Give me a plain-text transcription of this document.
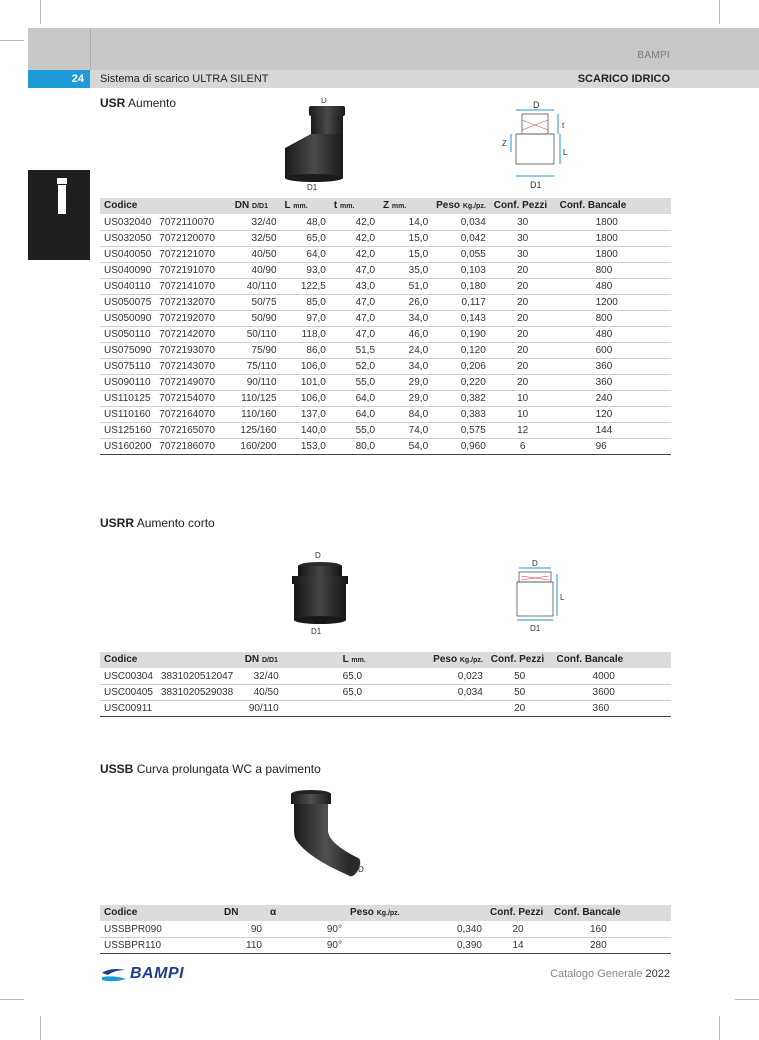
BAMPI
24	Sistema di scarico ULTRA SILENT	SCARICO IDRICO
ULTRA SILENT
USR Aumento	D
D1
D
t
L
Z
D1
Codice		DN D/D1	L mm.	t mm.	Z mm.	Peso Kg./pz.	Conf. Pezzi	Conf. Bancale
US032040	7072110070	32/40	48,0	42,0	14,0	0,034	30	1800
US032050	7072120070	32/50	65,0	42,0	15,0	0,042	30	1800
US040050	7072121070	40/50	64,0	42,0	15,0	0,055	30	1800
US040090	7072191070	40/90	93,0	47,0	35,0	0,103	20	800
US040110	7072141070	40/110	122,5	43,0	51,0	0,180	20	480
US050075	7072132070	50/75	85,0	47,0	26,0	0,117	20	1200
US050090	7072192070	50/90	97,0	47,0	34,0	0,143	20	800
US050110	7072142070	50/110	118,0	47,0	46,0	0,190	20	480
US075090	7072193070	75/90	86,0	51,5	24,0	0,120	20	600
US075110	7072143070	75/110	106,0	52,0	34,0	0,206	20	360
US090110	7072149070	90/110	101,0	55,0	29,0	0,220	20	360
US110125	7072154070	110/125	106,0	64,0	29,0	0,382	10	240
US110160	7072164070	110/160	137,0	64,0	84,0	0,383	10	120
US125160	7072165070	125/160	140,0	55,0	74,0	0,575	12	144
US160200	7072186070	160/200	153,0	80,0	54,0	0,960	6	96
USRR Aumento corto
D
D1
D
L
D1
Codice		DN D/D1	L mm.	Peso Kg./pz.	Conf. Pezzi	Conf. Bancale
USC00304	3831020512047	32/40	65,0	0,023	50	4000
USC00405	3831020529038	40/50	65,0	0,034	50	3600
USC00911		90/110			20	360
USSB Curva prolungata WC a pavimento
D
Codice	DN	α	Peso Kg./pz.	Conf. Pezzi	Conf. Bancale
USSBPR090	90	90°	0,340	20	160
USSBPR110	110	90°	0,390	14	280
BAMPI	Catalogo Generale 2022
